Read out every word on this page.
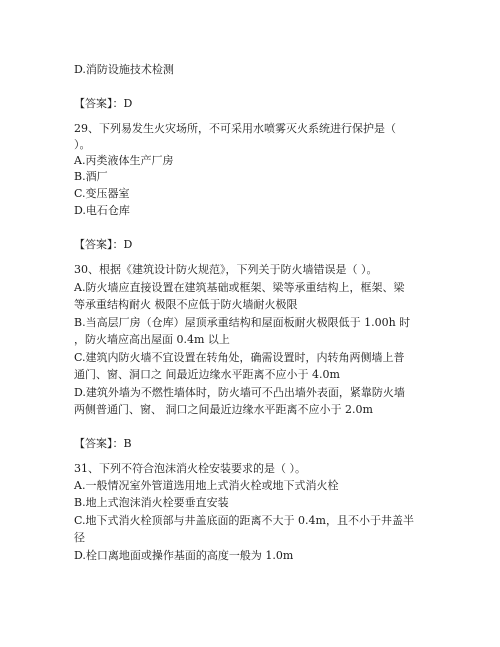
D.消防设施技术检测

【答案】：D

29、下列易发生火灾场所，不可采用水喷雾灭火系统进行保护是（

）。

A.丙类液体生产厂房

B.酒厂

C.变压器室

D.电石仓库

【答案】：D

30、根据《建筑设计防火规范》，下列关于防火墙错误是（ ）。

A.防火墙应直接设置在建筑基础或框架、梁等承重结构上，框架、梁

等承重结构耐火 极限不应低于防火墙耐火极限

B.当高层厂房（仓库）屋顶承重结构和屋面板耐火极限低于 1.00h 时

，防火墙应高出屋面 0.4m 以上

C.建筑内防火墙不宜设置在转角处，确需设置时，内转角两侧墙上普

通门、窗、洞口之 间最近边缘水平距离不应小于 4.0m

D.建筑外墙为不燃性墙体时，防火墙可不凸出墙外表面，紧靠防火墙

两侧普通门、窗、 洞口之间最近边缘水平距离不应小于 2.0m

【答案】：B

31、下列不符合泡沫消火栓安装要求的是（ ）。

A.一般情况室外管道选用地上式消火栓或地下式消火栓

B.地上式泡沫消火栓要垂直安装

C.地下式消火栓顶部与井盖底面的距离不大于 0.4m，且不小于井盖半

径

D.栓口离地面或操作基面的高度一般为 1.0m
